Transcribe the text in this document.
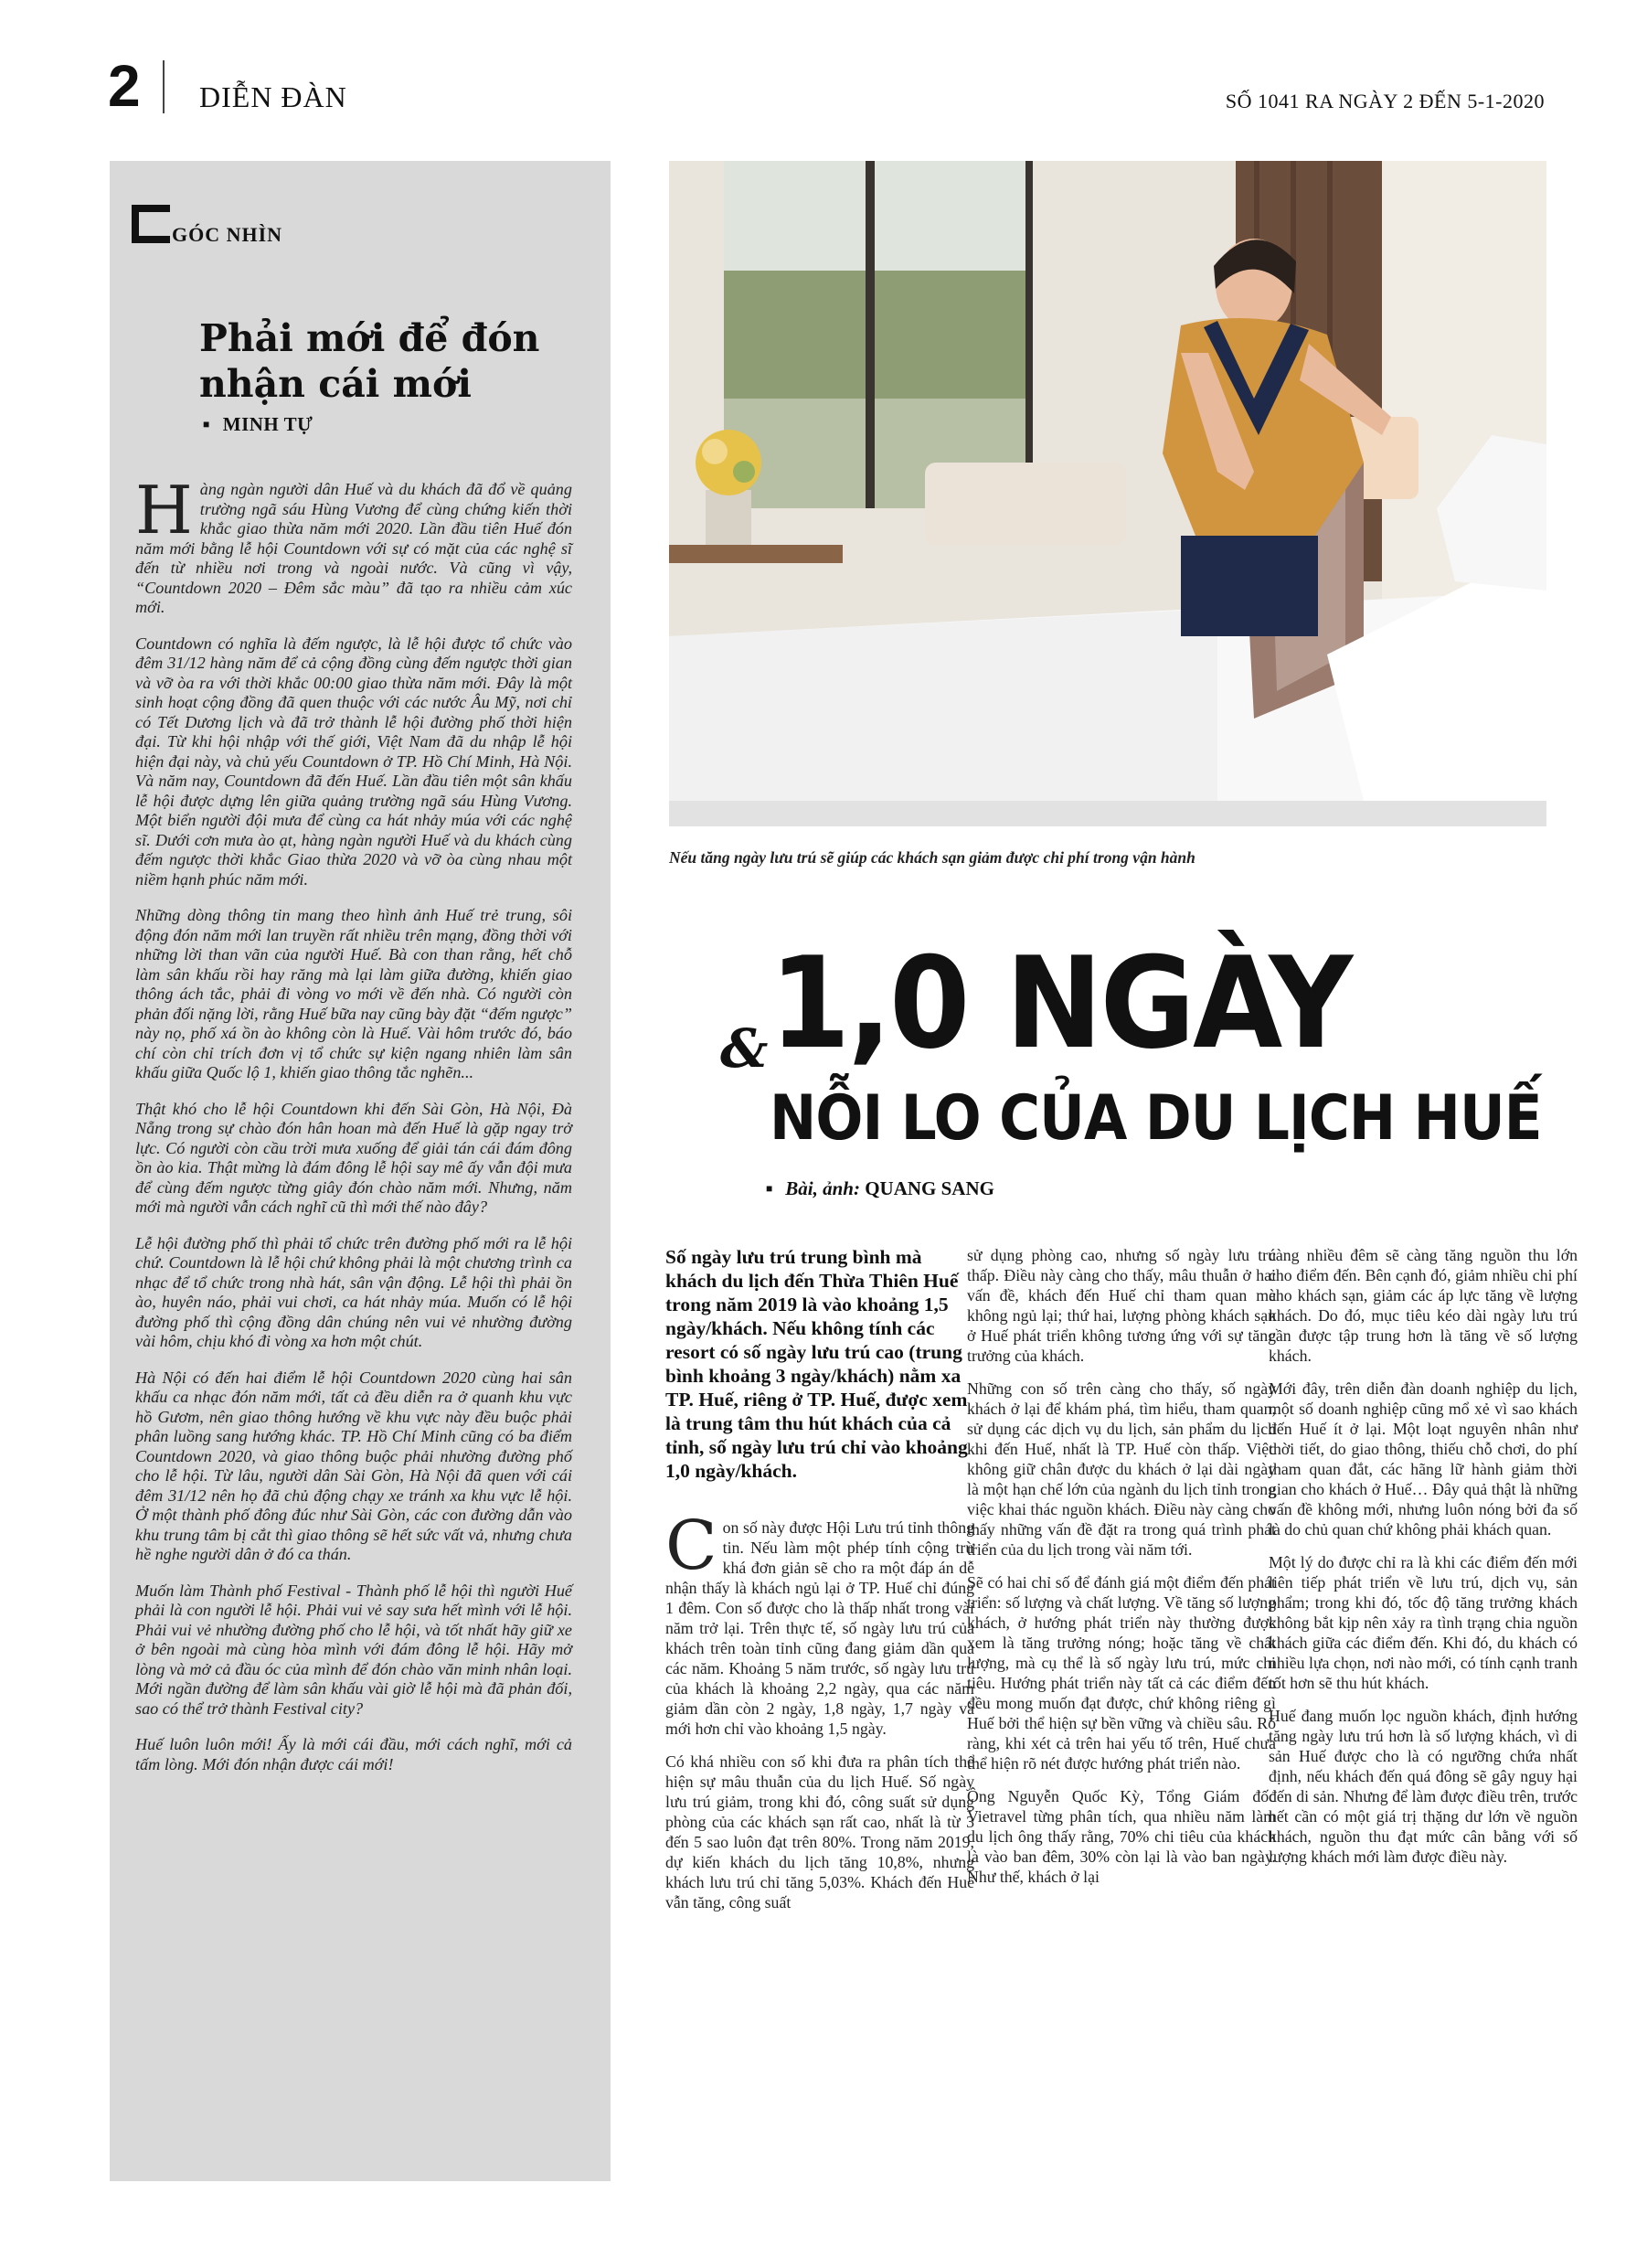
2 DIỄN ĐÀN	SỐ 1041 RA NGÀY 2 ĐẾN 5-1-2020
GÓC NHÌN
Phải mới để đón nhận cái mới
■ MINH TỰ

Hàng ngàn người dân Huế và du khách đã đổ về quảng trường ngã sáu Hùng Vương để cùng chứng kiến thời khắc giao thừa năm mới 2020. Lần đầu tiên Huế đón năm mới bằng lễ hội Countdown với sự có mặt của các nghệ sĩ đến từ nhiều nơi trong và ngoài nước. Và cũng vì vậy, “Countdown 2020 – Đêm sắc màu” đã tạo ra nhiều cảm xúc mới.

Countdown có nghĩa là đếm ngược, là lễ hội được tổ chức vào đêm 31/12 hàng năm để cả cộng đồng cùng đếm ngược thời gian và vỡ òa ra với thời khắc 00:00 giao thừa năm mới. Đây là một sinh hoạt cộng đồng đã quen thuộc với các nước Âu Mỹ, nơi chỉ có Tết Dương lịch và đã trở thành lễ hội đường phố thời hiện đại. Từ khi hội nhập với thế giới, Việt Nam đã du nhập lễ hội hiện đại này, và chủ yếu Countdown ở TP. Hồ Chí Minh, Hà Nội. Và năm nay, Countdown đã đến Huế. Lần đầu tiên một sân khấu lễ hội được dựng lên giữa quảng trường ngã sáu Hùng Vương. Một biển người đội mưa để cùng ca hát nhảy múa với các nghệ sĩ. Dưới cơn mưa ào ạt, hàng ngàn người Huế và du khách cùng đếm ngược thời khắc Giao thừa 2020 và vỡ òa cùng nhau một niềm hạnh phúc năm mới.

Những dòng thông tin mang theo hình ảnh Huế trẻ trung, sôi động đón năm mới lan truyền rất nhiều trên mạng, đồng thời với những lời than vãn của người Huế. Bà con than rằng, hết chỗ làm sân khấu rồi hay răng mà lại làm giữa đường, khiến giao thông ách tắc, phải đi vòng vo mới về đến nhà. Có người còn phản đối nặng lời, rằng Huế bữa nay cũng bày đặt “đếm ngược” này nọ, phố xá ồn ào không còn là Huế. Vài hôm trước đó, báo chí còn chỉ trích đơn vị tổ chức sự kiện ngang nhiên làm sân khấu giữa Quốc lộ 1, khiến giao thông tắc nghẽn...

Thật khó cho lễ hội Countdown khi đến Sài Gòn, Hà Nội, Đà Nẵng trong sự chào đón hân hoan mà đến Huế là gặp ngay trở lực. Có người còn cầu trời mưa xuống để giải tán cái đám đông ồn ào kia. Thật mừng là đám đông lễ hội say mê ấy vẫn đội mưa để cùng đếm ngược từng giây đón chào năm mới. Nhưng, năm mới mà người vẫn cách nghĩ cũ thì mới thế nào đây?

Lễ hội đường phố thì phải tổ chức trên đường phố mới ra lễ hội chứ. Countdown là lễ hội chứ không phải là một chương trình ca nhạc để tổ chức trong nhà hát, sân vận động. Lễ hội thì phải ồn ào, huyên náo, phải vui chơi, ca hát nhảy múa. Muốn có lễ hội đường phố thì cộng đồng dân chúng nên vui vẻ nhường đường vài hôm, chịu khó đi vòng xa hơn một chút.

Hà Nội có đến hai điểm lễ hội Countdown 2020 cùng hai sân khấu ca nhạc đón năm mới, tất cả đều diễn ra ở quanh khu vực hồ Gươm, nên giao thông hướng về khu vực này đều buộc phải phân luồng sang hướng khác. TP. Hồ Chí Minh cũng có ba điểm Countdown 2020, và giao thông buộc phải nhường đường phố cho lễ hội. Từ lâu, người dân Sài Gòn, Hà Nội đã quen với cái đêm 31/12 nên họ đã chủ động chạy xe tránh xa khu vực lễ hội. Ở một thành phố đông đúc như Sài Gòn, các con đường dẫn vào khu trung tâm bị cắt thì giao thông sẽ hết sức vất vả, nhưng chưa hề nghe người dân ở đó ca thán.

Muốn làm Thành phố Festival - Thành phố lễ hội thì người Huế phải là con người lễ hội. Phải vui vẻ say sưa hết mình với lễ hội. Phải vui vẻ nhường đường phố cho lễ hội, và tốt nhất hãy giữ xe ở bên ngoài mà cùng hòa mình với đám đông lễ hội. Hãy mở lòng và mở cả đầu óc của mình để đón chào văn minh nhân loại. Mới ngần đường để làm sân khấu vài giờ lễ hội mà đã phản đối, sao có thể trở thành Festival city?

Huế luôn luôn mới! Ấy là mới cái đầu, mới cách nghĩ, mới cả tấm lòng. Mới đón nhận được cái mới!

Nếu tăng ngày lưu trú sẽ giúp các khách sạn giảm được chi phí trong vận hành
& 1,0 NGÀY
NỖI LO CỦA DU LỊCH HUẾ
■ Bài, ảnh: QUANG SANG

Số ngày lưu trú trung bình mà khách du lịch đến Thừa Thiên Huế trong năm 2019 là vào khoảng 1,5 ngày/khách. Nếu không tính các resort có số ngày lưu trú cao (trung bình khoảng 3 ngày/khách) nằm xa TP. Huế, riêng ở TP. Huế, được xem là trung tâm thu hút khách của cả tỉnh, số ngày lưu trú chỉ vào khoảng 1,0 ngày/khách.

Con số này được Hội Lưu trú tỉnh thông tin. Nếu làm một phép tính cộng trừ khá đơn giản sẽ cho ra một đáp án dễ nhận thấy là khách ngủ lại ở TP. Huế chỉ đúng 1 đêm. Con số được cho là thấp nhất trong vài năm trở lại. Trên thực tế, số ngày lưu trú của khách trên toàn tỉnh cũng đang giảm dần qua các năm. Khoảng 5 năm trước, số ngày lưu trú của khách là khoảng 2,2 ngày, qua các năm giảm dần còn 2 ngày, 1,8 ngày, 1,7 ngày và mới hơn chỉ vào khoảng 1,5 ngày.

Có khá nhiều con số khi đưa ra phân tích thể hiện sự mâu thuẫn của du lịch Huế. Số ngày lưu trú giảm, trong khi đó, công suất sử dụng phòng của các khách sạn rất cao, nhất là từ 3 đến 5 sao luôn đạt trên 80%. Trong năm 2019, dự kiến khách du lịch tăng 10,8%, nhưng khách lưu trú chỉ tăng 5,03%. Khách đến Huế vẫn tăng, công suất

sử dụng phòng cao, nhưng số ngày lưu trú thấp. Điều này càng cho thấy, mâu thuẫn ở hai vấn đề, khách đến Huế chỉ tham quan mà không ngủ lại; thứ hai, lượng phòng khách sạn ở Huế phát triển không tương ứng với sự tăng trưởng của khách.

Những con số trên càng cho thấy, số ngày khách ở lại để khám phá, tìm hiểu, tham quan, sử dụng các dịch vụ du lịch, sản phẩm du lịch khi đến Huế, nhất là TP. Huế còn thấp. Việc không giữ chân được du khách ở lại dài ngày là một hạn chế lớn của ngành du lịch tỉnh trong việc khai thác nguồn khách. Điều này càng cho thấy những vấn đề đặt ra trong quá trình phát triển của du lịch trong vài năm tới.

Sẽ có hai chỉ số để đánh giá một điểm đến phát triển: số lượng và chất lượng. Về tăng số lượng khách, ở hướng phát triển này thường được xem là tăng trưởng nóng; hoặc tăng về chất lượng, mà cụ thể là số ngày lưu trú, mức chi tiêu. Hướng phát triển này tất cả các điểm đến đều mong muốn đạt được, chứ không riêng gì Huế bởi thể hiện sự bền vững và chiều sâu. Rõ ràng, khi xét cả trên hai yếu tố trên, Huế chưa thể hiện rõ nét được hướng phát triển nào.

Ông Nguyễn Quốc Kỳ, Tổng Giám đốc Vietravel từng phân tích, qua nhiều năm làm du lịch ông thấy rằng, 70% chi tiêu của khách là vào ban đêm, 30% còn lại là vào ban ngày. Như thế, khách ở lại

càng nhiều đêm sẽ càng tăng nguồn thu lớn cho điểm đến. Bên cạnh đó, giảm nhiều chi phí cho khách sạn, giảm các áp lực tăng về lượng khách. Do đó, mục tiêu kéo dài ngày lưu trú cần được tập trung hơn là tăng về số lượng khách.

Mới đây, trên diễn đàn doanh nghiệp du lịch, một số doanh nghiệp cũng mổ xẻ vì sao khách đến Huế ít ở lại. Một loạt nguyên nhân như thời tiết, do giao thông, thiếu chỗ chơi, do phí tham quan đắt, các hãng lữ hành giảm thời gian cho khách ở Huế… Đây quả thật là những vấn đề không mới, nhưng luôn nóng bởi đa số là do chủ quan chứ không phải khách quan.

Một lý do được chỉ ra là khi các điểm đến mới liên tiếp phát triển về lưu trú, dịch vụ, sản phẩm; trong khi đó, tốc độ tăng trưởng khách không bắt kịp nên xảy ra tình trạng chia nguồn khách giữa các điểm đến. Khi đó, du khách có nhiều lựa chọn, nơi nào mới, có tính cạnh tranh tốt hơn sẽ thu hút khách.

Huế đang muốn lọc nguồn khách, định hướng tăng ngày lưu trú hơn là số lượng khách, vì di sản Huế được cho là có ngưỡng chứa nhất định, nếu khách đến quá đông sẽ gây nguy hại đến di sản. Nhưng để làm được điều trên, trước hết cần có một giá trị thặng dư lớn về nguồn khách, nguồn thu đạt mức cân bằng với số lượng khách mới làm được điều này.
